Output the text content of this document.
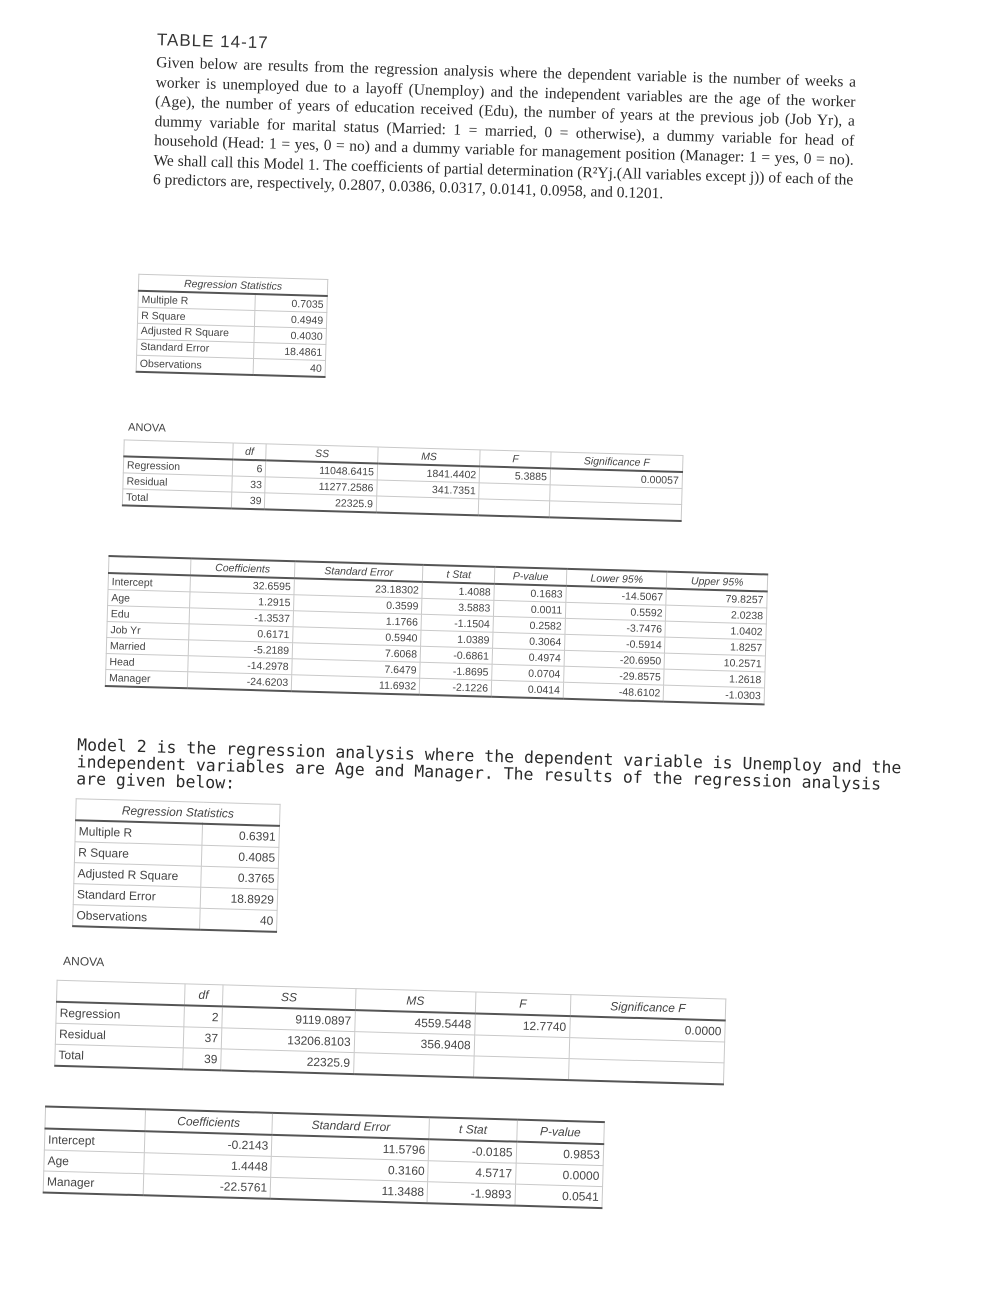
TABLE 14-17
Given below are results from the regression analysis where the dependent variable is the number of weeks a worker is unemployed due to a layoff (Unemploy) and the independent variables are the age of the worker (Age), the number of years of education received (Edu), the number of years at the previous job (Job Yr), a dummy variable for marital status (Married: 1 = married, 0 = otherwise), a dummy variable for head of household (Head: 1 = yes, 0 = no) and a dummy variable for management position (Manager: 1 = yes, 0 = no). We shall call this Model 1. The coefficients of partial determination (R²Yj.(All variables except j)) of each of the 6 predictors are, respectively, 0.2807, 0.0386, 0.0317, 0.0141, 0.0958, and 0.1201.
Regression Statistics	
Multiple R	0.7035
R Square	0.4949
Adjusted R Square	0.4030
Standard Error	18.4861
Observations	40
ANOVA
	df	SS	MS	F	Significance F
Regression	6	11048.6415	1841.4402	5.3885	0.00057
Residual	33	11277.2586	341.7351		
Total	39	22325.9			
	Coefficients	Standard Error	t Stat	P-value	Lower 95%	Upper 95%
Intercept	32.6595	23.18302	1.4088	0.1683	-14.5067	79.8257
Age	1.2915	0.3599	3.5883	0.0011	0.5592	2.0238
Edu	-1.3537	1.1766	-1.1504	0.2582	-3.7476	1.0402
Job Yr	0.6171	0.5940	1.0389	0.3064	-0.5914	1.8257
Married	-5.2189	7.6068	-0.6861	0.4974	-20.6950	10.2571
Head	-14.2978	7.6479	-1.8695	0.0704	-29.8575	1.2618
Manager	-24.6203	11.6932	-2.1226	0.0414	-48.6102	-1.0303
Model 2 is the regression analysis where the dependent variable is Unemploy and the independent variables are Age and Manager. The results of the regression analysis are given below:
Regression Statistics	
Multiple R	0.6391
R Square	0.4085
Adjusted R Square	0.3765
Standard Error	18.8929
Observations	40
ANOVA
	df	SS	MS	F	Significance F
Regression	2	9119.0897	4559.5448	12.7740	0.0000
Residual	37	13206.8103	356.9408		
Total	39	22325.9			
	Coefficients	Standard Error	t Stat	P-value
Intercept	-0.2143	11.5796	-0.0185	0.9853
Age	1.4448	0.3160	4.5717	0.0000
Manager	-22.5761	11.3488	-1.9893	0.0541
